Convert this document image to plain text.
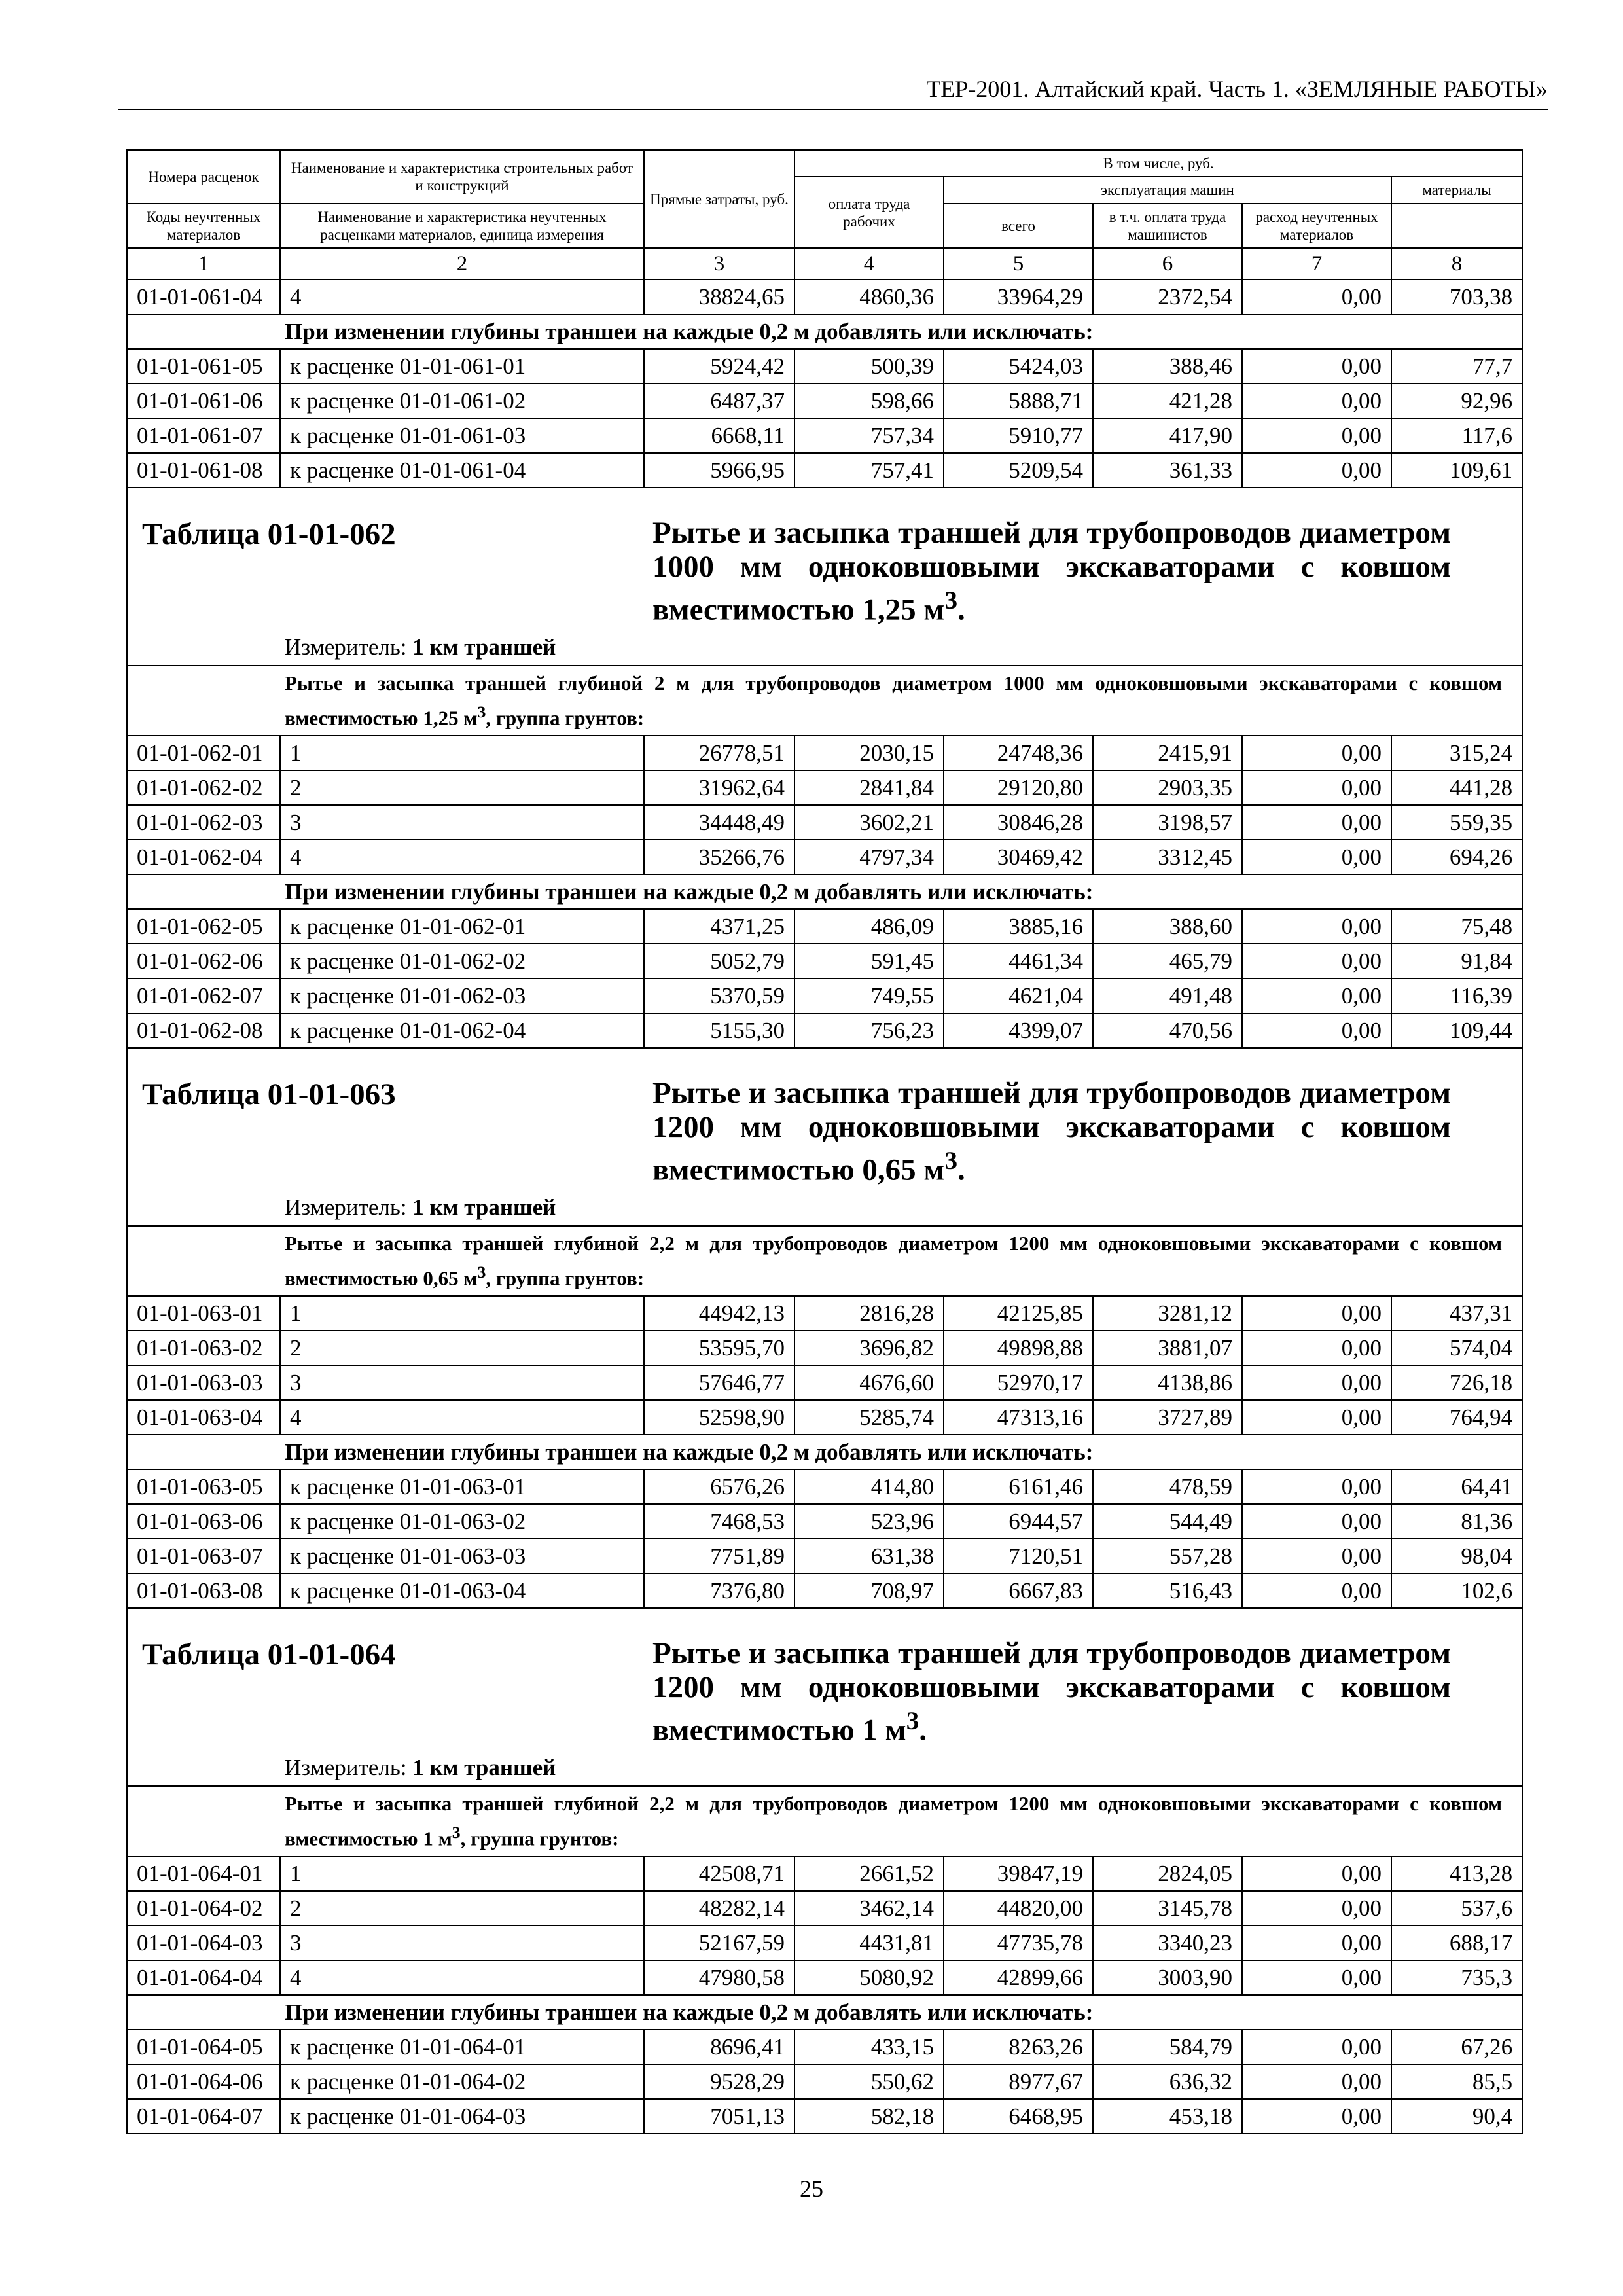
ТЕР-2001. Алтайский край. Часть 1. «ЗЕМЛЯНЫЕ РАБОТЫ»
Номера расценок	Наименование и характеристика строительных работ и конструкций	Прямые затраты, руб.	В том числе, руб.	
			оплата труда рабочих	эксплуатация машин			материалы	
Коды неучтенных материалов	Наименование и характеристика неучтенных расценками материалов, единица измерения			всего	в т.ч. оплата труда машинистов	расход неучтенных материалов		
1	2	3	4	5	6	7	8	
01-01-061-04	4	38824,65	4860,36	33964,29	2372,54	0,00	703,38	
При изменении глубины траншеи на каждые 0,2 м добавлять или исключать:								
01-01-061-05	к расценке 01-01-061-01	5924,42	500,39	5424,03	388,46	0,00	77,7	
01-01-061-06	к расценке 01-01-061-02	6487,37	598,66	5888,71	421,28	0,00	92,96	
01-01-061-07	к расценке 01-01-061-03	6668,11	757,34	5910,77	417,90	0,00	117,6	
01-01-061-08	к расценке 01-01-061-04	5966,95	757,41	5209,54	361,33	0,00	109,61	

Таблица 01-01-062 Рытье и засыпка траншей для трубопроводов диаметром 1000 мм одноковшовыми экскаваторами с ковшом вместимостью 1,25 $м^3$.
Измеритель: 1 км траншей								

Рытье и засыпка траншей глубиной 2 м для трубопроводов диаметром 1000 мм одноковшовыми экскаваторами с ковшом вместимостью 1,25 $м^3$, группа грунтов:								
01-01-062-01	1	26778,51	2030,15	24748,36	2415,91	0,00	315,24	
01-01-062-02	2	31962,64	2841,84	29120,80	2903,35	0,00	441,28	
01-01-062-03	3	34448,49	3602,21	30846,28	3198,57	0,00	559,35	
01-01-062-04	4	35266,76	4797,34	30469,42	3312,45	0,00	694,26	
При изменении глубины траншеи на каждые 0,2 м добавлять или исключать:								
01-01-062-05	к расценке 01-01-062-01	4371,25	486,09	3885,16	388,60	0,00	75,48	
01-01-062-06	к расценке 01-01-062-02	5052,79	591,45	4461,34	465,79	0,00	91,84	
01-01-062-07	к расценке 01-01-062-03	5370,59	749,55	4621,04	491,48	0,00	116,39	
01-01-062-08	к расценке 01-01-062-04	5155,30	756,23	4399,07	470,56	0,00	109,44	

Таблица 01-01-063 Рытье и засыпка траншей для трубопроводов диаметром 1200 мм одноковшовыми экскаваторами с ковшом вместимостью 0,65 $м^3$.
Измеритель: 1 км траншей								

Рытье и засыпка траншей глубиной 2,2 м для трубопроводов диаметром 1200 мм одноковшовыми экскаваторами с ковшом вместимостью 0,65 $м^3$, группа грунтов:								
01-01-063-01	1	44942,13	2816,28	42125,85	3281,12	0,00	437,31	
01-01-063-02	2	53595,70	3696,82	49898,88	3881,07	0,00	574,04	
01-01-063-03	3	57646,77	4676,60	52970,17	4138,86	0,00	726,18	
01-01-063-04	4	52598,90	5285,74	47313,16	3727,89	0,00	764,94	
При изменении глубины траншеи на каждые 0,2 м добавлять или исключать:								
01-01-063-05	к расценке 01-01-063-01	6576,26	414,80	6161,46	478,59	0,00	64,41	
01-01-063-06	к расценке 01-01-063-02	7468,53	523,96	6944,57	544,49	0,00	81,36	
01-01-063-07	к расценке 01-01-063-03	7751,89	631,38	7120,51	557,28	0,00	98,04	
01-01-063-08	к расценке 01-01-063-04	7376,80	708,97	6667,83	516,43	0,00	102,6	

Таблица 01-01-064 Рытье и засыпка траншей для трубопроводов диаметром 1200 мм одноковшовыми экскаваторами с ковшом вместимостью 1 $м^3$.
Измеритель: 1 км траншей								

Рытье и засыпка траншей глубиной 2,2 м для трубопроводов диаметром 1200 мм одноковшовыми экскаваторами с ковшом вместимостью 1 $м^3$, группа грунтов:								
01-01-064-01	1	42508,71	2661,52	39847,19	2824,05	0,00	413,28	
01-01-064-02	2	48282,14	3462,14	44820,00	3145,78	0,00	537,6	
01-01-064-03	3	52167,59	4431,81	47735,78	3340,23	0,00	688,17	
01-01-064-04	4	47980,58	5080,92	42899,66	3003,90	0,00	735,3	
При изменении глубины траншеи на каждые 0,2 м добавлять или исключать:								
01-01-064-05	к расценке 01-01-064-01	8696,41	433,15	8263,26	584,79	0,00	67,26	
01-01-064-06	к расценке 01-01-064-02	9528,29	550,62	8977,67	636,32	0,00	85,5	
01-01-064-07	к расценке 01-01-064-03	7051,13	582,18	6468,95	453,18	0,00	90,4	
25
